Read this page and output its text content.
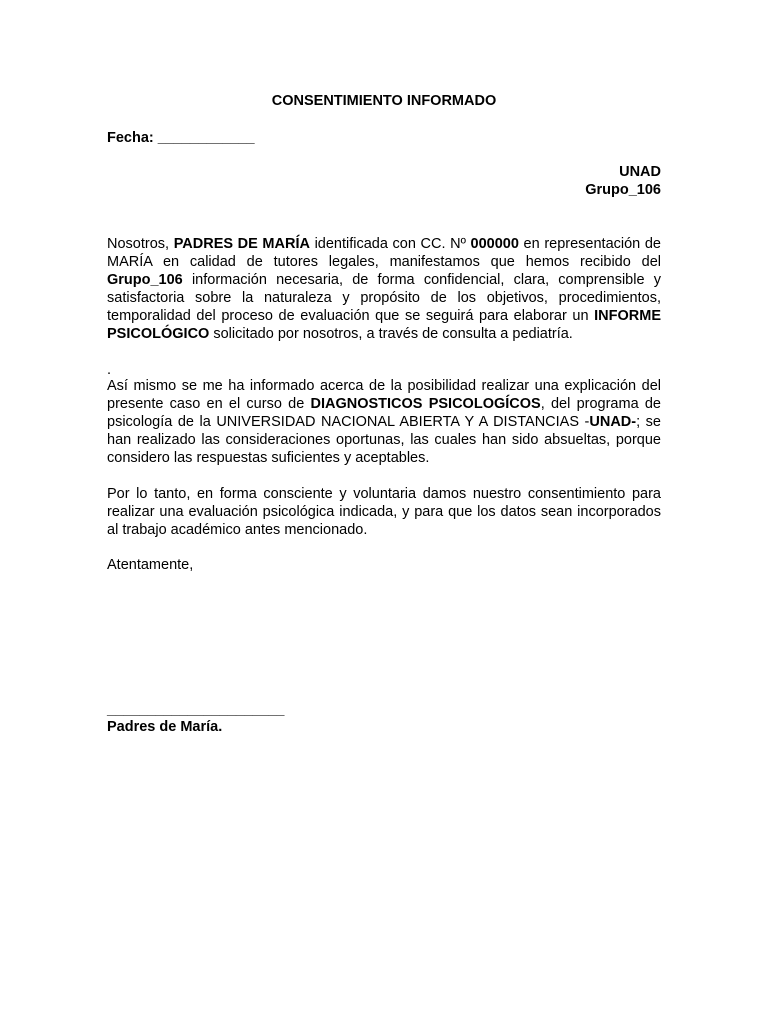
CONSENTIMIENTO INFORMADO
Fecha: ____________
UNAD
Grupo_106
Nosotros, PADRES DE MARÍA identificada con CC. Nº 000000 en representación de MARÍA en calidad de tutores legales, manifestamos que hemos recibido del Grupo_106 información necesaria, de forma confidencial, clara, comprensible y satisfactoria sobre la naturaleza y propósito de los objetivos, procedimientos, temporalidad del proceso de evaluación que se seguirá para elaborar un INFORME PSICOLÓGICO solicitado por nosotros, a través de consulta a pediatría.
.
Así mismo se me ha informado acerca de la posibilidad realizar una explicación del presente caso en el curso de DIAGNOSTICOS PSICOLOGÍCOS, del programa de psicología de la UNIVERSIDAD NACIONAL ABIERTA Y A DISTANCIAS -UNAD-; se han realizado las consideraciones oportunas, las cuales han sido absueltas, porque considero las respuestas suficientes y aceptables.
Por lo tanto, en forma consciente y voluntaria damos nuestro consentimiento para realizar una evaluación psicológica indicada, y para que los datos sean incorporados al trabajo académico antes mencionado.
Atentamente,
______________________
Padres de María.
